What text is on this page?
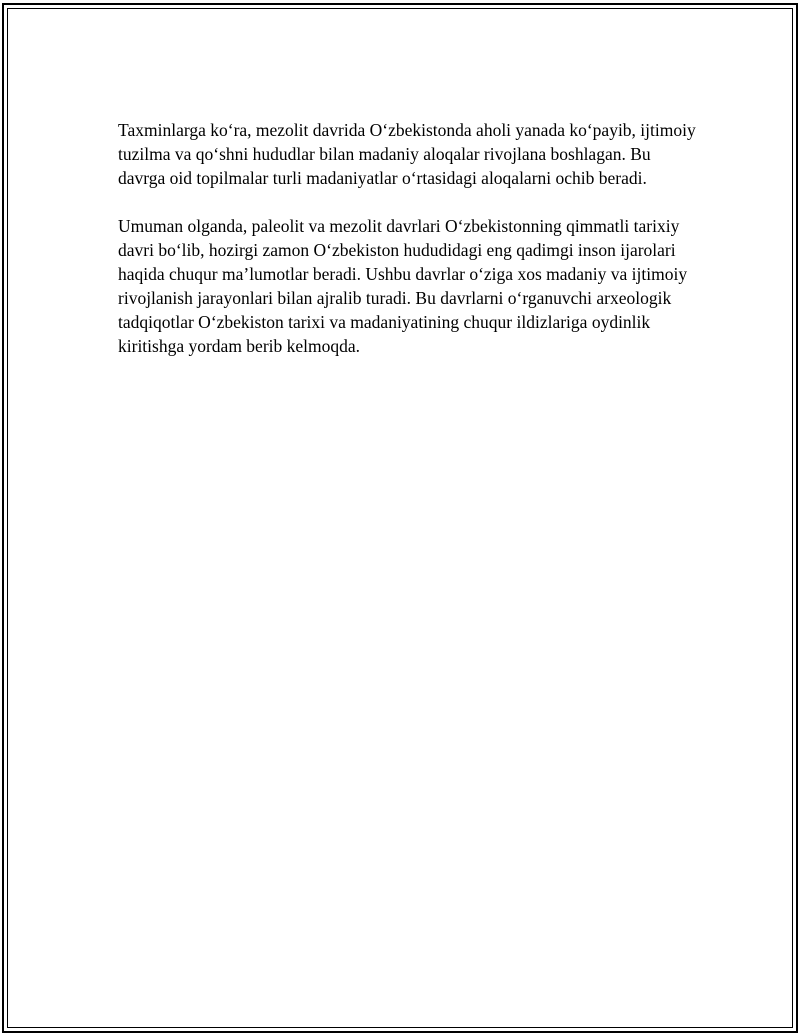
Taxminlarga koʻra, mezolit davrida Oʻzbekistonda aholi yanada koʻpayib, ijtimoiy tuzilma va qoʻshni hududlar bilan madaniy aloqalar rivojlana boshlagan. Bu davrga oid topilmalar turli madaniyatlar oʻrtasidagi aloqalarni ochib beradi.

Umuman olganda, paleolit va mezolit davrlari Oʻzbekistonning qimmatli tarixiy davri boʻlib, hozirgi zamon Oʻzbekiston hududidagi eng qadimgi inson ijarolari haqida chuqur maʼlumotlar beradi. Ushbu davrlar oʻziga xos madaniy va ijtimoiy rivojlanish jarayonlari bilan ajralib turadi. Bu davrlarni oʻrganuvchi arxeologik tadqiqotlar Oʻzbekiston tarixi va madaniyatining chuqur ildizlariga oydinlik kiritishga yordam berib kelmoqda.
